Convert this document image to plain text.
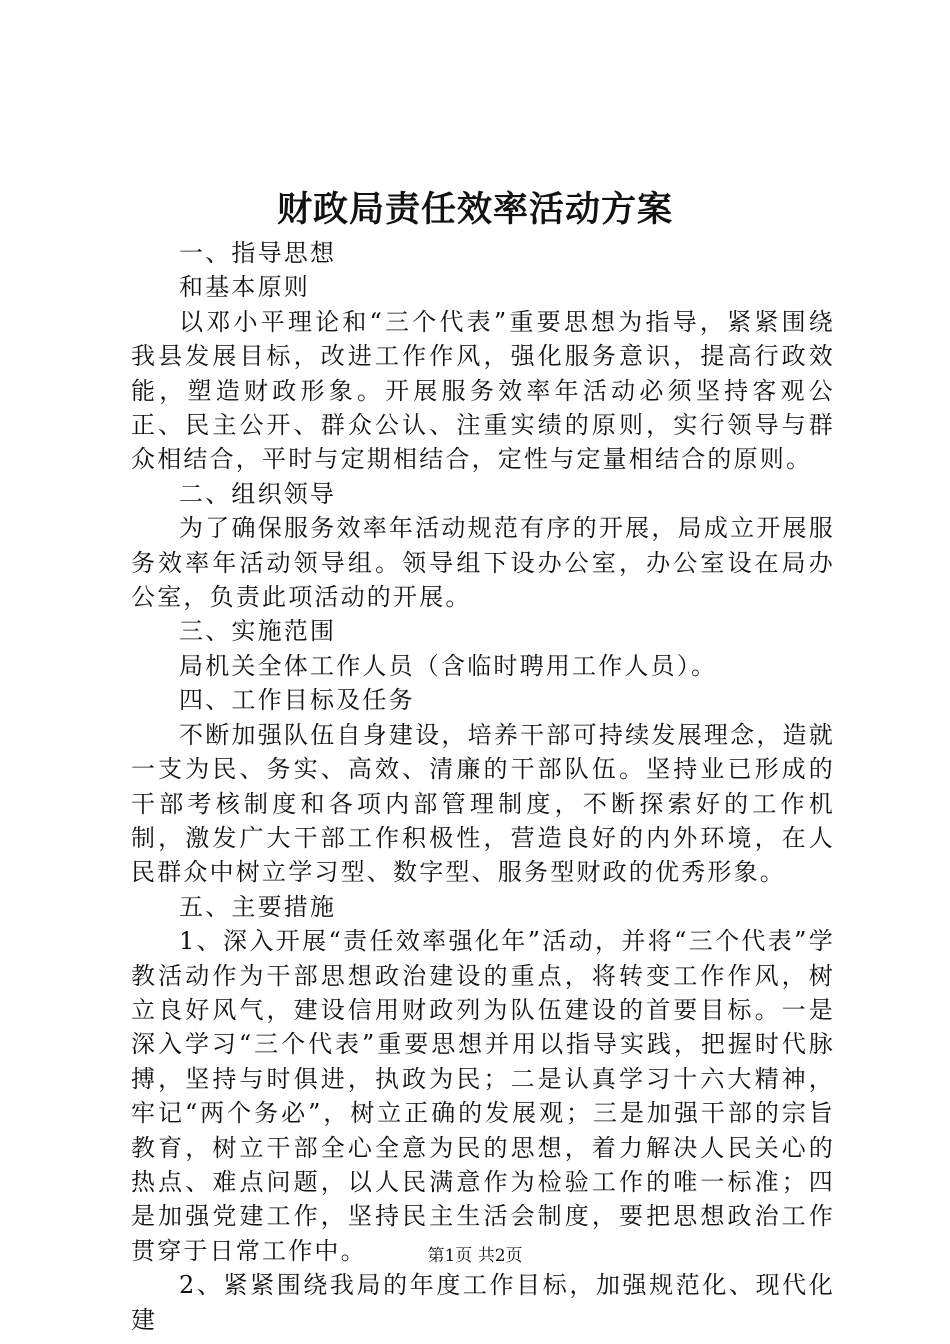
财政局责任效率活动方案

一、指导思想

和基本原则

以邓小平理论和“三个代表”重要思想为指导，紧紧围绕我县发展目标，改进工作作风，强化服务意识，提高行政效能，塑造财政形象。开展服务效率年活动必须坚持客观公正、民主公开、群众公认、注重实绩的原则，实行领导与群众相结合，平时与定期相结合，定性与定量相结合的原则。

二、组织领导

为了确保服务效率年活动规范有序的开展，局成立开展服务效率年活动领导组。领导组下设办公室，办公室设在局办公室，负责此项活动的开展。

三、实施范围

局机关全体工作人员（含临时聘用工作人员）。

四、工作目标及任务

不断加强队伍自身建设，培养干部可持续发展理念，造就一支为民、务实、高效、清廉的干部队伍。坚持业已形成的干部考核制度和各项内部管理制度，不断探索好的工作机制，激发广大干部工作积极性，营造良好的内外环境，在人民群众中树立学习型、数字型、服务型财政的优秀形象。

五、主要措施

1、深入开展“责任效率强化年”活动，并将“三个代表”学教活动作为干部思想政治建设的重点，将转变工作作风，树立良好风气，建设信用财政列为队伍建设的首要目标。一是深入学习“三个代表”重要思想并用以指导实践，把握时代脉搏，坚持与时俱进，执政为民；二是认真学习十六大精神，牢记“两个务必”，树立正确的发展观；三是加强干部的宗旨教育，树立干部全心全意为民的思想，着力解决人民关心的热点、难点问题，以人民满意作为检验工作的唯一标准；四是加强党建工作，坚持民主生活会制度，要把思想政治工作贯穿于日常工作中。

2、紧紧围绕我局的年度工作目标，加强规范化、现代化建

第1页 共2页
